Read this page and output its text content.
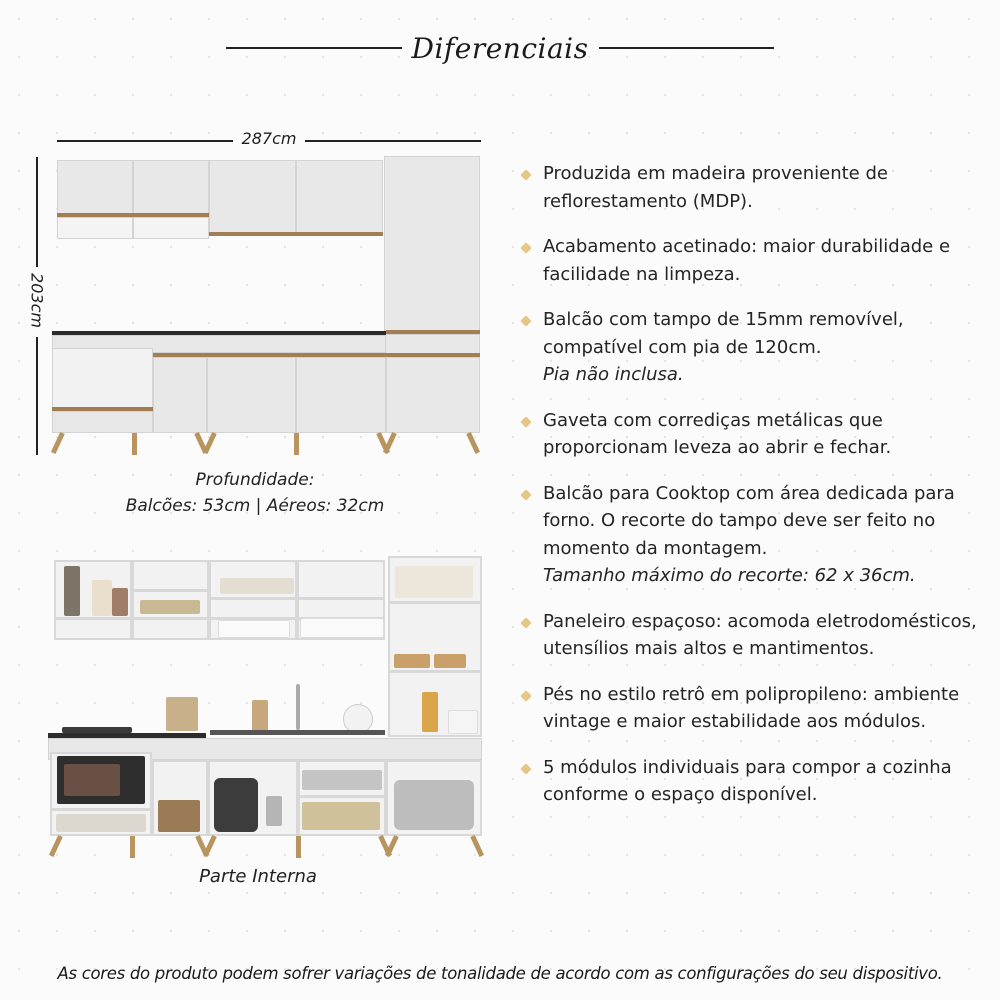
Diferenciais
287cm
203cm
Profundidade:
Balcões: 53cm | Aéreos: 32cm
Parte Interna
Produzida em madeira proveniente de reflorestamento (MDP).
Acabamento acetinado: maior durabilidade e facilidade na limpeza.
Balcão com tampo de 15mm removível, compatível com pia de 120cm.
Pia não inclusa.
Gaveta com corrediças metálicas que proporcionam leveza ao abrir e fechar.
Balcão para Cooktop com área dedicada para forno. O recorte do tampo deve ser feito no momento da montagem.
Tamanho máximo do recorte: 62 x 36cm.
Paneleiro espaçoso: acomoda eletrodomésticos, utensílios mais altos e mantimentos.
Pés no estilo retrô em polipropileno: ambiente vintage e maior estabilidade aos módulos.
5 módulos individuais para compor a cozinha conforme o espaço disponível.
As cores do produto podem sofrer variações de tonalidade de acordo com as configurações do seu dispositivo.
